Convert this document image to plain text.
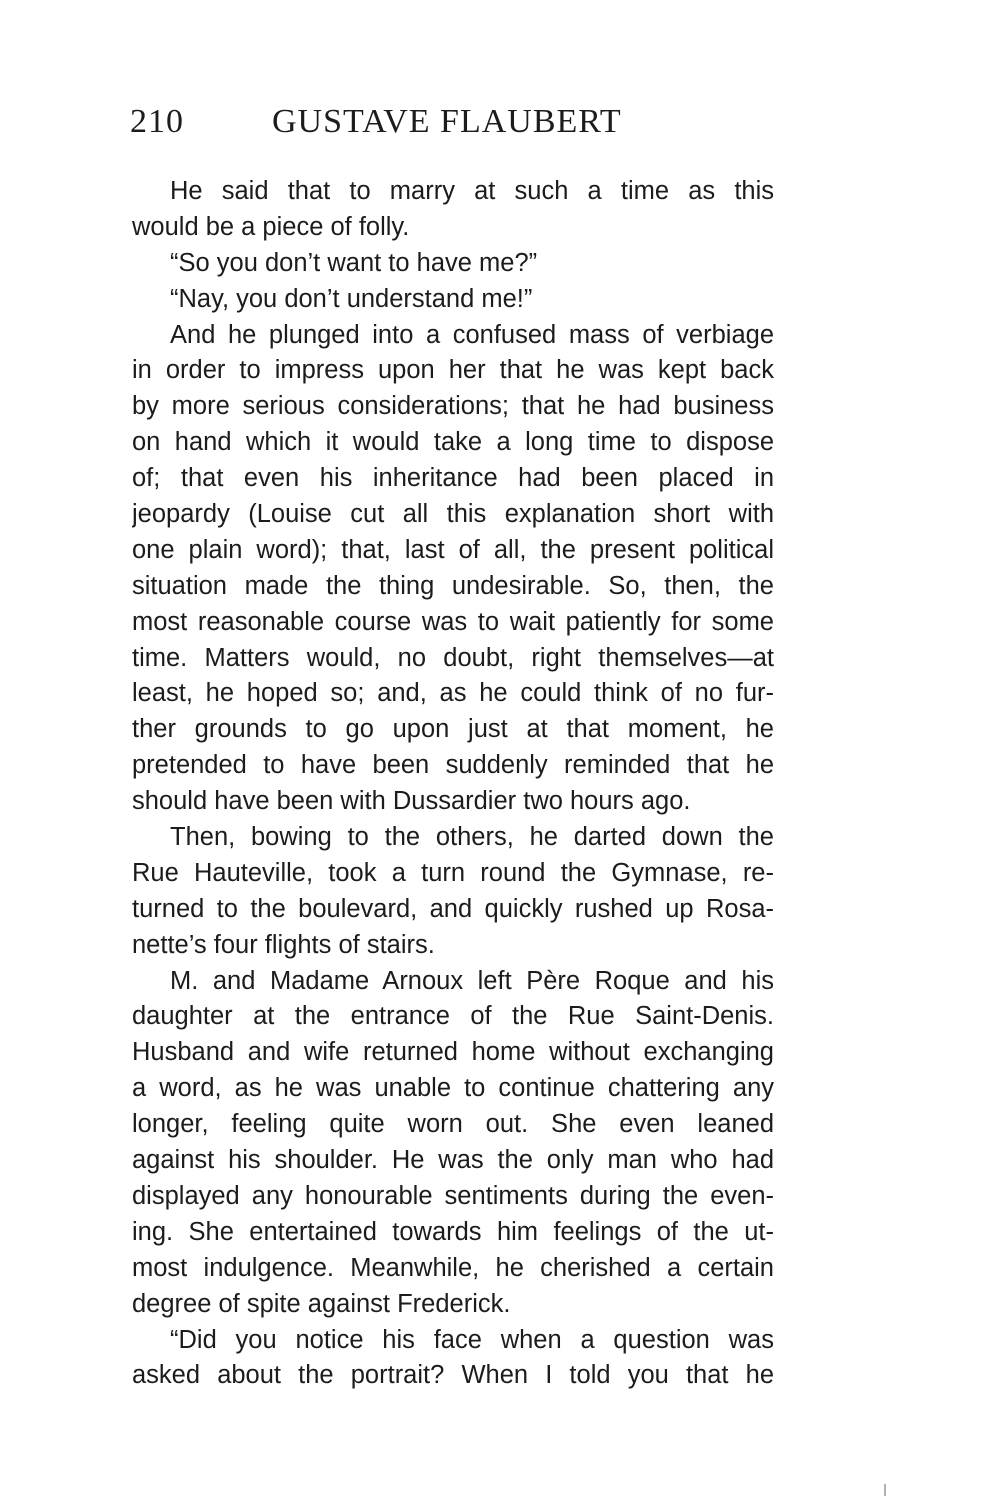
210	GUSTAVE FLAUBERT
He said that to marry at such a time as this
would be a piece of folly.
“So you don’t want to have me?”
“Nay, you don’t understand me!”
And he plunged into a confused mass of verbiage
in order to impress upon her that he was kept back
by more serious considerations; that he had business
on hand which it would take a long time to dispose
of; that even his inheritance had been placed in
jeopardy (Louise cut all this explanation short with
one plain word); that, last of all, the present political
situation made the thing undesirable. So, then, the
most reasonable course was to wait patiently for some
time. Matters would, no doubt, right themselves—at
least, he hoped so; and, as he could think of no fur-
ther grounds to go upon just at that moment, he
pretended to have been suddenly reminded that he
should have been with Dussardier two hours ago.
Then, bowing to the others, he darted down the
Rue Hauteville, took a turn round the Gymnase, re-
turned to the boulevard, and quickly rushed up Rosa-
nette’s four flights of stairs.
M. and Madame Arnoux left Père Roque and his
daughter at the entrance of the Rue Saint-Denis.
Husband and wife returned home without exchanging
a word, as he was unable to continue chattering any
longer, feeling quite worn out. She even leaned
against his shoulder. He was the only man who had
displayed any honourable sentiments during the even-
ing. She entertained towards him feelings of the ut-
most indulgence. Meanwhile, he cherished a certain
degree of spite against Frederick.
“Did you notice his face when a question was
asked about the portrait? When I told you that he
